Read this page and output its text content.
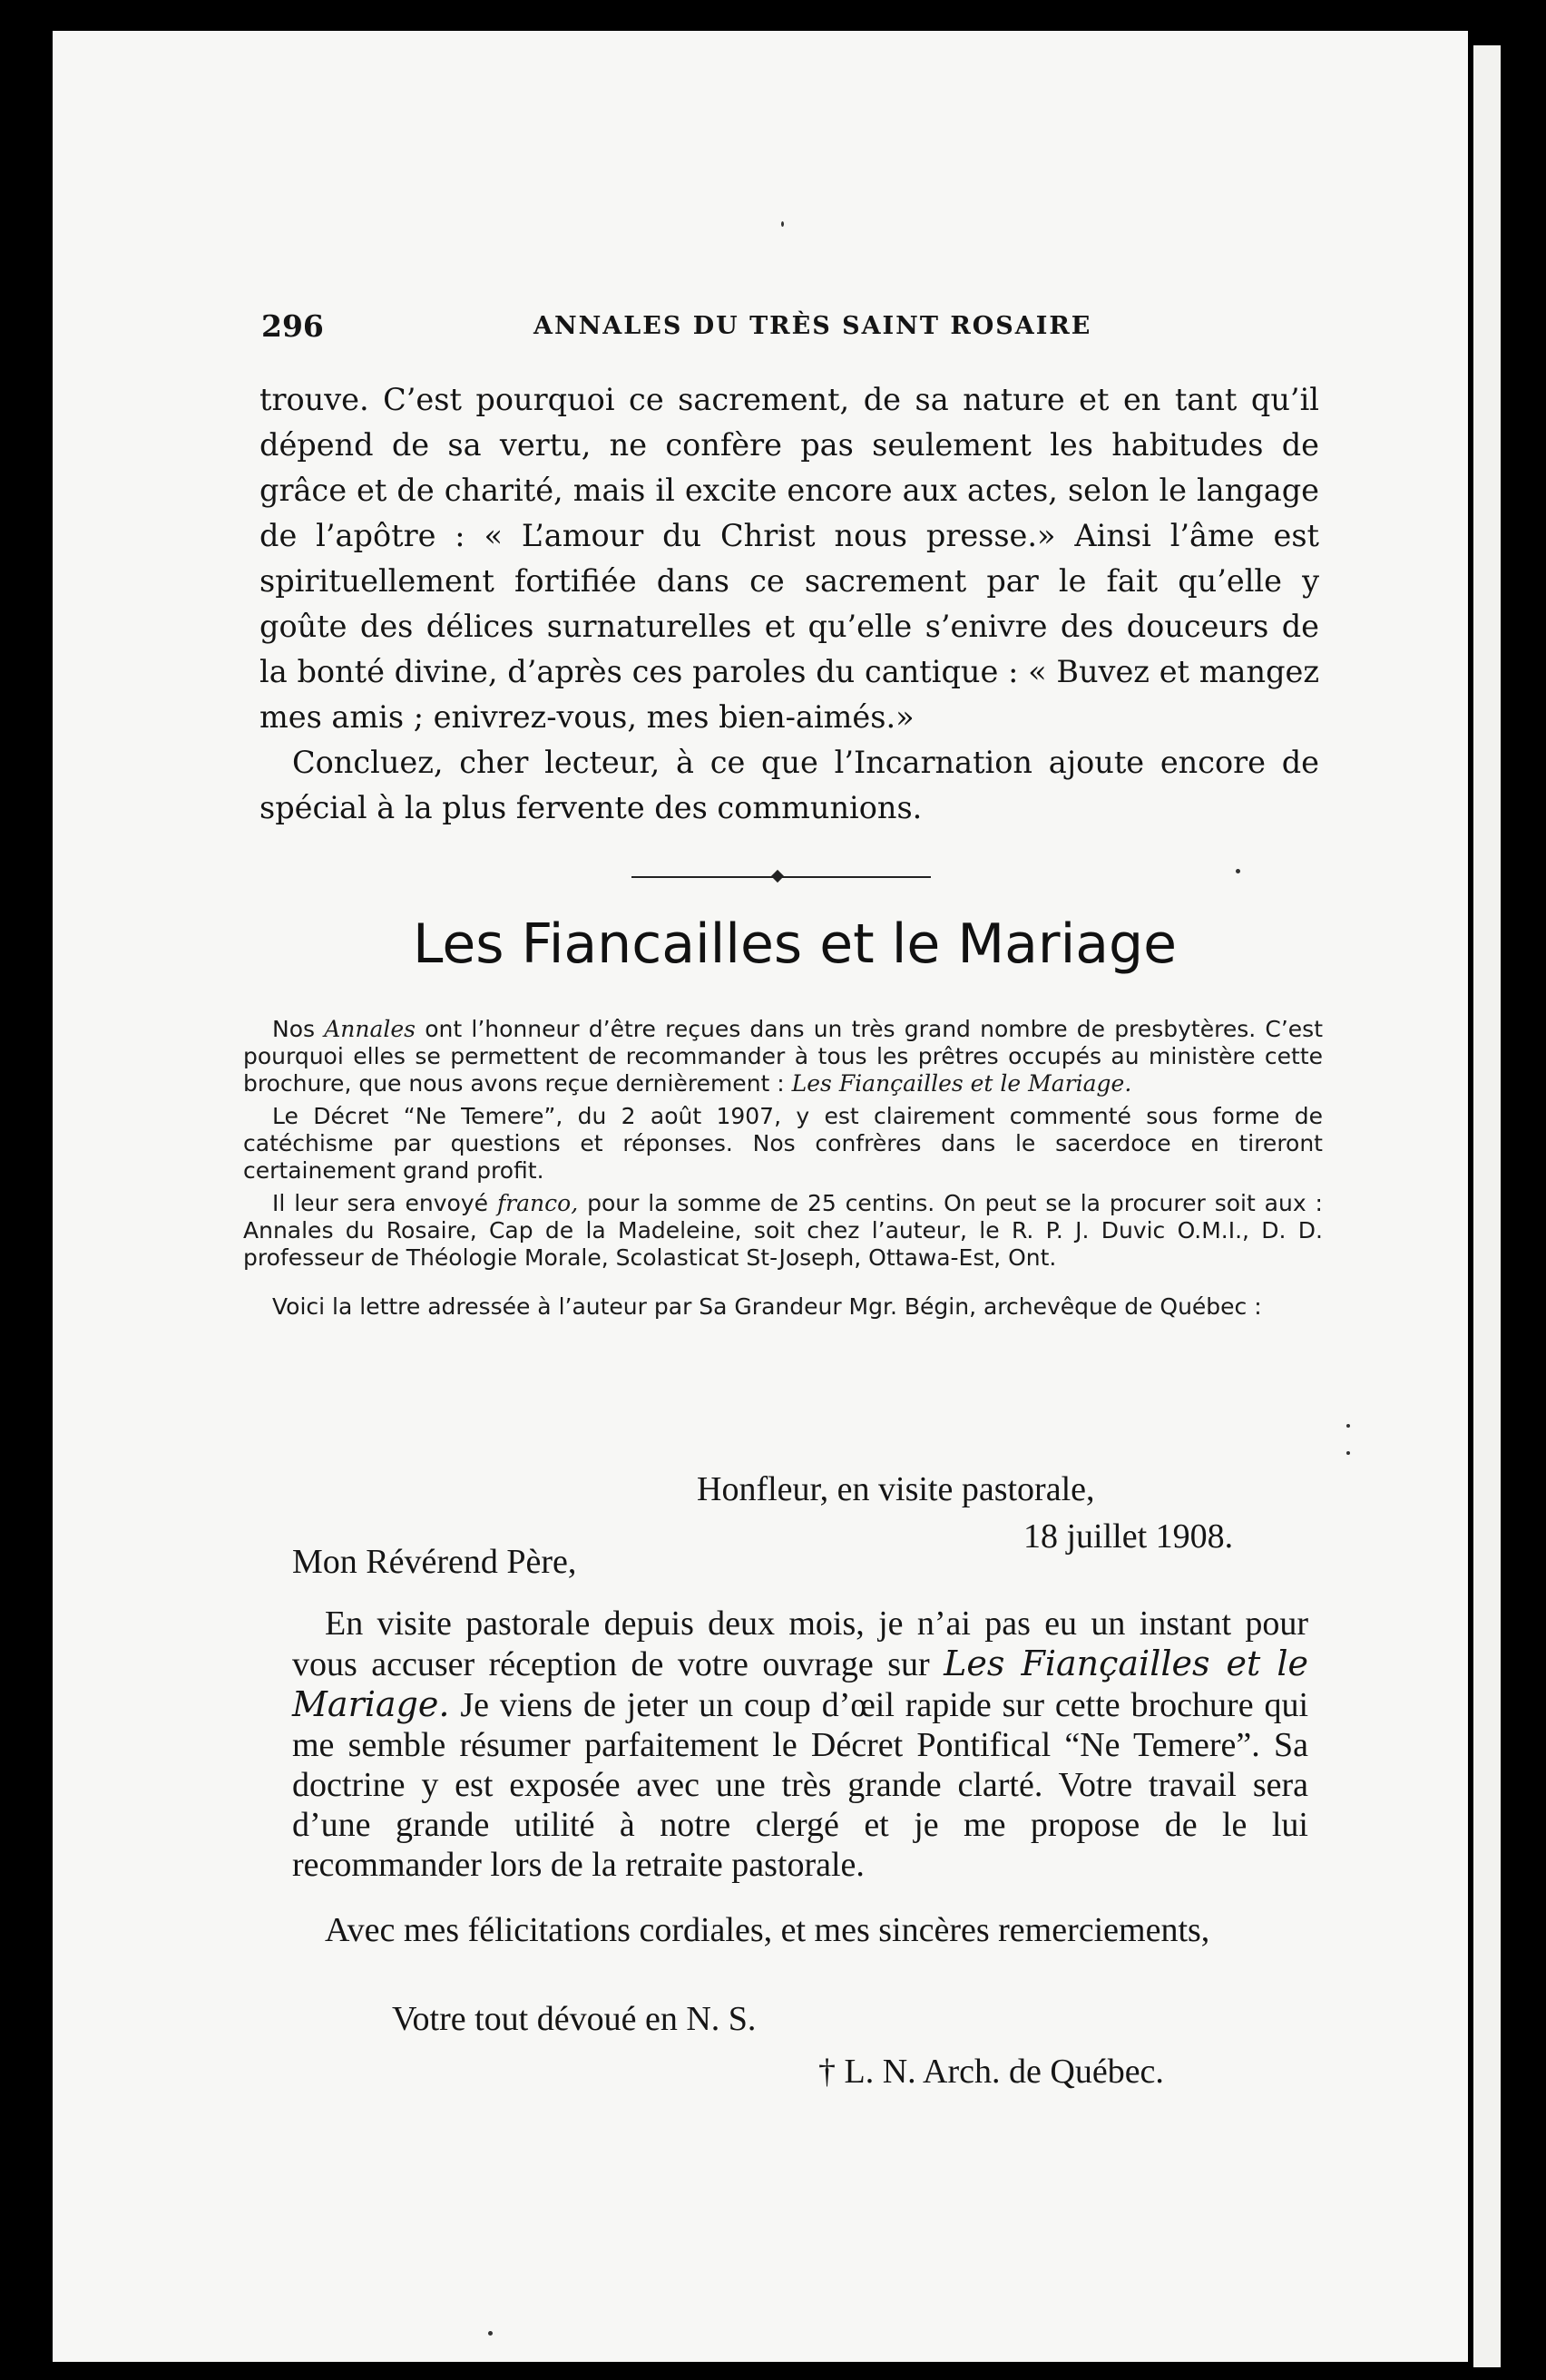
296	ANNALES DU TRÈS SAINT ROSAIRE

trouve. C’est pourquoi ce sacrement, de sa nature et en tant qu’il dépend de sa vertu, ne confère pas seulement les habitudes de grâce et de charité, mais il excite encore aux actes, selon le langage de l’apôtre : « L’amour du Christ nous presse.» Ainsi l’âme est spirituellement fortifiée dans ce sacrement par le fait qu’elle y goûte des délices surnaturelles et qu’elle s’enivre des douceurs de la bonté divine, d’après ces paroles du cantique : « Buvez et mangez mes amis ; enivrez-vous, mes bien-aimés.»

Concluez, cher lecteur, à ce que l’Incarnation ajoute encore de spécial à la plus fervente des communions.

Les Fiancailles et le Mariage

Nos Annales ont l’honneur d’être reçues dans un très grand nombre de presbytères. C’est pourquoi elles se permettent de recommander à tous les prêtres occupés au ministère cette brochure, que nous avons reçue dernièrement : Les Fiançailles et le Mariage.

Le Décret “Ne Temere”, du 2 août 1907, y est clairement commenté sous forme de catéchisme par questions et réponses. Nos confrères dans le sacerdoce en tireront certainement grand profit.

Il leur sera envoyé franco, pour la somme de 25 centins. On peut se la procurer soit aux : Annales du Rosaire, Cap de la Madeleine, soit chez l’auteur, le R. P. J. Duvic O.M.I., D. D. professeur de Théologie Morale, Scolasticat St-Joseph, Ottawa-Est, Ont.

Voici la lettre adressée à l’auteur par Sa Grandeur Mgr. Bégin, archevêque de Québec :

Honfleur, en visite pastorale,
18 juillet 1908.
Mon Révérend Père,
En visite pastorale depuis deux mois, je n’ai pas eu un instant pour vous accuser réception de votre ouvrage sur Les Fiançailles et le Mariage. Je viens de jeter un coup d’œil rapide sur cette brochure qui me semble résumer parfaitement le Décret Pontifical “Ne Temere”. Sa doctrine y est exposée avec une très grande clarté. Votre travail sera d’une grande utilité à notre clergé et je me propose de le lui recommander lors de la retraite pastorale.
Avec mes félicitations cordiales, et mes sincères remerciements,
Votre tout dévoué en N. S.
† L. N. Arch. de Québec.
